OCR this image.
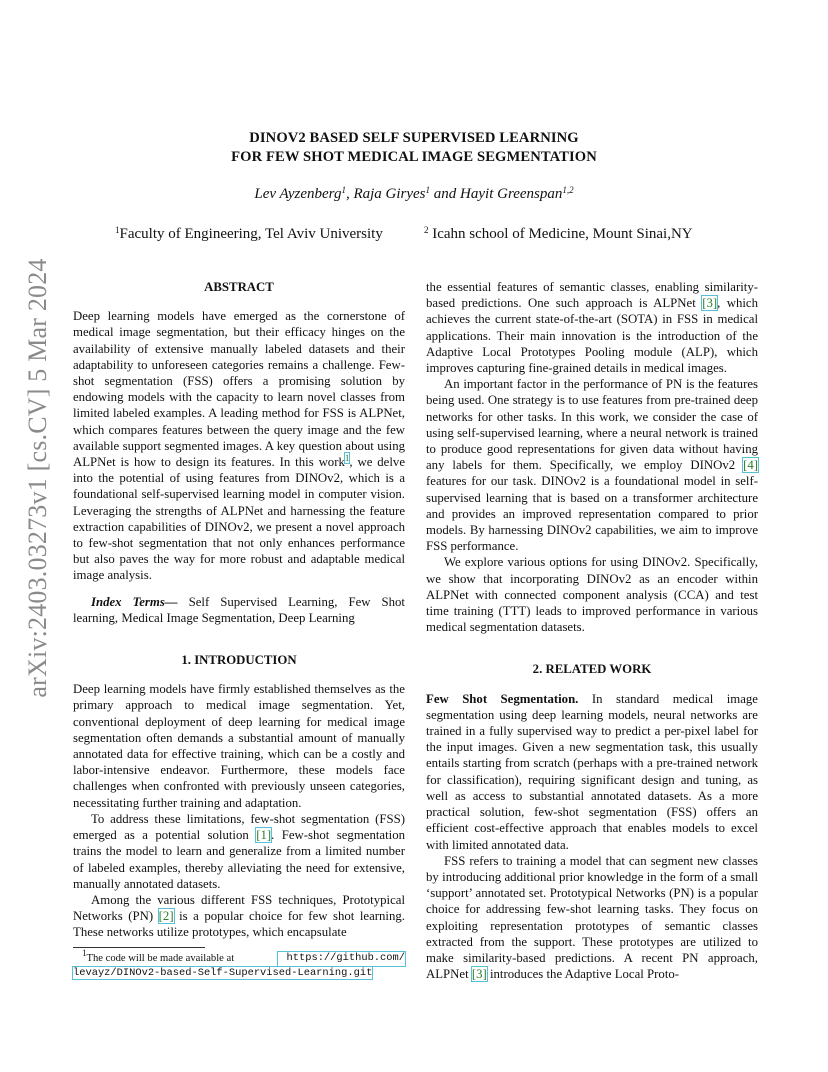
DINOV2 BASED SELF SUPERVISED LEARNING
FOR FEW SHOT MEDICAL IMAGE SEGMENTATION
Lev Ayzenberg$^1$, Raja Giryes$^1$ and Hayit Greenspan$^{1,2}$
$^1$Faculty of Engineering, Tel Aviv University	$^2$ Icahn school of Medicine, Mount Sinai,NY
arXiv:2403.03273v1 [cs.CV] 5 Mar 2024	ABSTRACT

Deep learning models have emerged as the cornerstone of medical image segmentation, but their efficacy hinges on the availability of extensive manually labeled datasets and their adaptability to unforeseen categories remains a challenge. Few-shot segmentation (FSS) offers a promising solution by endowing models with the capacity to learn novel classes from limited labeled examples. A leading method for FSS is ALPNet, which compares features between the query image and the few available support segmented images. A key question about using ALPNet is how to design its features. In this work$^1$, we delve into the potential of using features from DINOv2, which is a foundational self-supervised learning model in computer vision. Leveraging the strengths of ALPNet and harnessing the feature extraction capabilities of DINOv2, we present a novel approach to few-shot segmentation that not only enhances performance but also paves the way for more robust and adaptable medical image analysis.

Index Terms— Self Supervised Learning, Few Shot learning, Medical Image Segmentation, Deep Learning

1. INTRODUCTION

Deep learning models have firmly established themselves as the primary approach to medical image segmentation. Yet, conventional deployment of deep learning for medical image segmentation often demands a substantial amount of manually annotated data for effective training, which can be a costly and labor-intensive endeavor. Furthermore, these models face challenges when confronted with previously unseen categories, necessitating further training and adaptation.

To address these limitations, few-shot segmentation (FSS) emerged as a potential solution [1]. Few-shot segmentation trains the model to learn and generalize from a limited number of labeled examples, thereby alleviating the need for extensive, manually annotated datasets.

Among the various different FSS techniques, Prototypical Networks (PN) [2] is a popular choice for few shot learning. These networks utilize prototypes, which encapsulate

$^1$The code will be made available at	https://github.com/
levayz/DINOv2-based-Self-Supervised-Learning.git

the essential features of semantic classes, enabling similarity-based predictions. One such approach is ALPNet [3], which achieves the current state-of-the-art (SOTA) in FSS in medical applications. Their main innovation is the introduction of the Adaptive Local Prototypes Pooling module (ALP), which improves capturing fine-grained details in medical images.

An important factor in the performance of PN is the features being used. One strategy is to use features from pre-trained deep networks for other tasks. In this work, we consider the case of using self-supervised learning, where a neural network is trained to produce good representations for given data without having any labels for them. Specifically, we employ DINOv2 [4] features for our task. DINOv2 is a foundational model in self-supervised learning that is based on a transformer architecture and provides an improved representation compared to prior models. By harnessing DINOv2 capabilities, we aim to improve FSS performance.

We explore various options for using DINOv2. Specifically, we show that incorporating DINOv2 as an encoder within ALPNet with connected component analysis (CCA) and test time training (TTT) leads to improved performance in various medical segmentation datasets.

2. RELATED WORK

Few Shot Segmentation. In standard medical image segmentation using deep learning models, neural networks are trained in a fully supervised way to predict a per-pixel label for the input images. Given a new segmentation task, this usually entails starting from scratch (perhaps with a pre-trained network for classification), requiring significant design and tuning, as well as access to substantial annotated datasets. As a more practical solution, few-shot segmentation (FSS) offers an efficient cost-effective approach that enables models to excel with limited annotated data.

FSS refers to training a model that can segment new classes by introducing additional prior knowledge in the form of a small ‘support’ annotated set. Prototypical Networks (PN) is a popular choice for addressing few-shot learning tasks. They focus on exploiting representation prototypes of semantic classes extracted from the support. These prototypes are utilized to make similarity-based predictions. A recent PN approach, ALPNet [3] introduces the Adaptive Local Proto-
